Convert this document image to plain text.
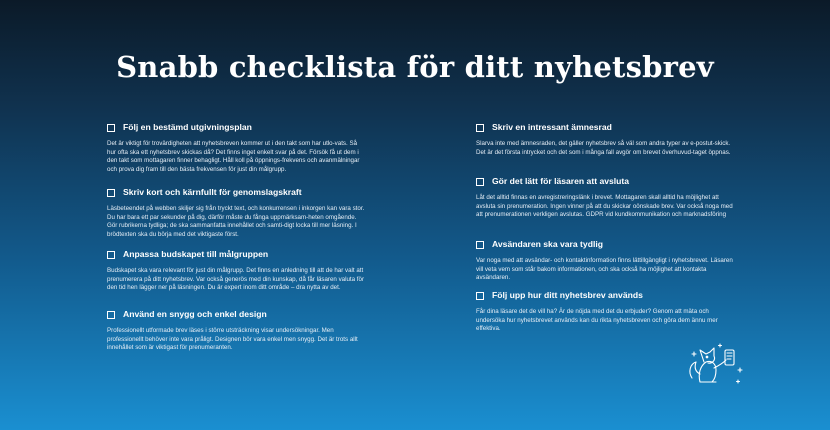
Snabb checklista för ditt nyhetsbrev
Följ en bestämd utgivningsplan
Det är viktigt för trovärdigheten att nyhetsbreven kommer ut i den takt som har utlo-vats. Så hur ofta ska ett nyhetsbrev skickas då? Det finns inget enkelt svar på det. Försök få ut dem i den takt som mottagaren finner behagligt. Håll koll på öppnings-frekvens och avanmälningar och prova dig fram till den bästa frekvensen för just din målgrupp.
Skriv kort och kärnfullt för genomslagskraft
Läsbeteendet på webben skiljer sig från tryckt text, och konkurrensen i inkorgen kan vara stor. Du har bara ett par sekunder på dig, därför måste du fånga uppmärksam-heten omgående. Gör rubrikerna tydliga; de ska sammanfatta innehållet och samti-digt locka till mer läsning. I brödtexten ska du börja med det viktigaste först.
Anpassa budskapet till målgruppen
Budskapet ska vara relevant för just din målgrupp. Det finns en anledning till att de har valt att prenumerera på ditt nyhetsbrev. Var också generös med din kunskap, då får läsaren valuta för den tid hen lägger ner på läsningen. Du är expert inom ditt område – dra nytta av det.
Använd en snygg och enkel design
Professionellt utformade brev läses i större utsträckning visar undersökningar. Men professionellt behöver inte vara pråligt. Designen bör vara enkel men snygg. Det är trots allt innehållet som är viktigast för prenumeranten.
Skriv en intressant ämnesrad
Slarva inte med ämnesraden, det gäller nyhetsbrev så väl som andra typer av e-postut-skick. Det är det första intrycket och det som i många fall avgör om brevet överhuvud-taget öppnas.
Gör det lätt för läsaren att avsluta
Låt det alltid finnas en avregistreringslänk i brevet. Mottagaren skall alltid ha möjlighet att avsluta sin prenumeration. Ingen vinner på att du skickar oönskade brev. Var också noga med att prenumerationen verkligen avslutas. GDPR vid kundkommunikation och marknadsföring
Avsändaren ska vara tydlig
Var noga med att avsändar- och kontaktinformation finns lättillgängligt i nyhetsbrevet. Läsaren vill veta vem som står bakom informationen, och ska också ha möjlighet att kontakta avsändaren.
Följ upp hur ditt nyhetsbrev används
Får dina läsare det de vill ha? Är de nöjda med det du erbjuder? Genom att mäta och undersöka hur nyhetsbrevet används kan du rikta nyhetsbreven och göra dem ännu mer effektiva.
